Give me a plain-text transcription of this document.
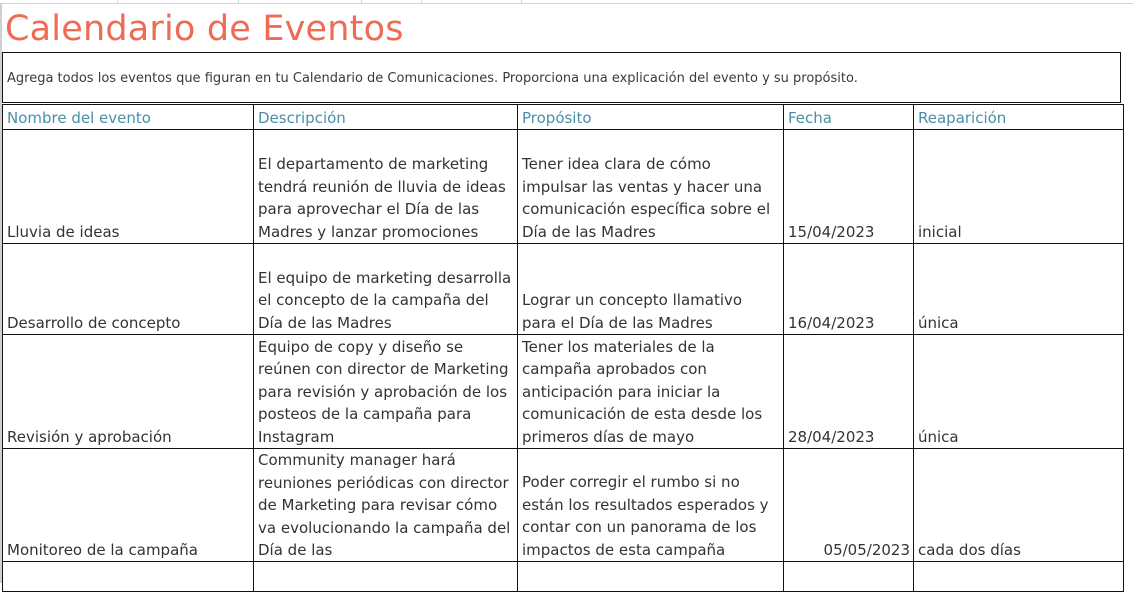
Calendario de Eventos
Agrega todos los eventos que figuran en tu Calendario de Comunicaciones. Proporciona una explicación del evento y su propósito.
Nombre del evento	Descripción	Propósito	Fecha	Reaparición
Lluvia de ideas	El departamento de marketing tendrá reunión de lluvia de ideas para aprovechar el Día de las Madres y lanzar promociones	Tener idea clara de cómo impulsar las ventas y hacer una comunicación específica sobre el Día de las Madres	15/04/2023	inicial
Desarrollo de concepto	El equipo de marketing desarrolla el concepto de la campaña del Día de las Madres	Lograr un concepto llamativo para el Día de las Madres	16/04/2023	única
Revisión y aprobación	Equipo de copy y diseño se reúnen con director de Marketing para revisión y aprobación de los posteos de la campaña para Instagram	Tener los materiales de la campaña aprobados con anticipación para iniciar la comunicación de esta desde los primeros días de mayo	28/04/2023	única
Monitoreo de la campaña	Community manager hará reuniones periódicas con director de Marketing para revisar cómo va evolucionando la campaña del Día de las	Poder corregir el rumbo si no están los resultados esperados y contar con un panorama de los impactos de esta campaña	05/05/2023	cada dos días
